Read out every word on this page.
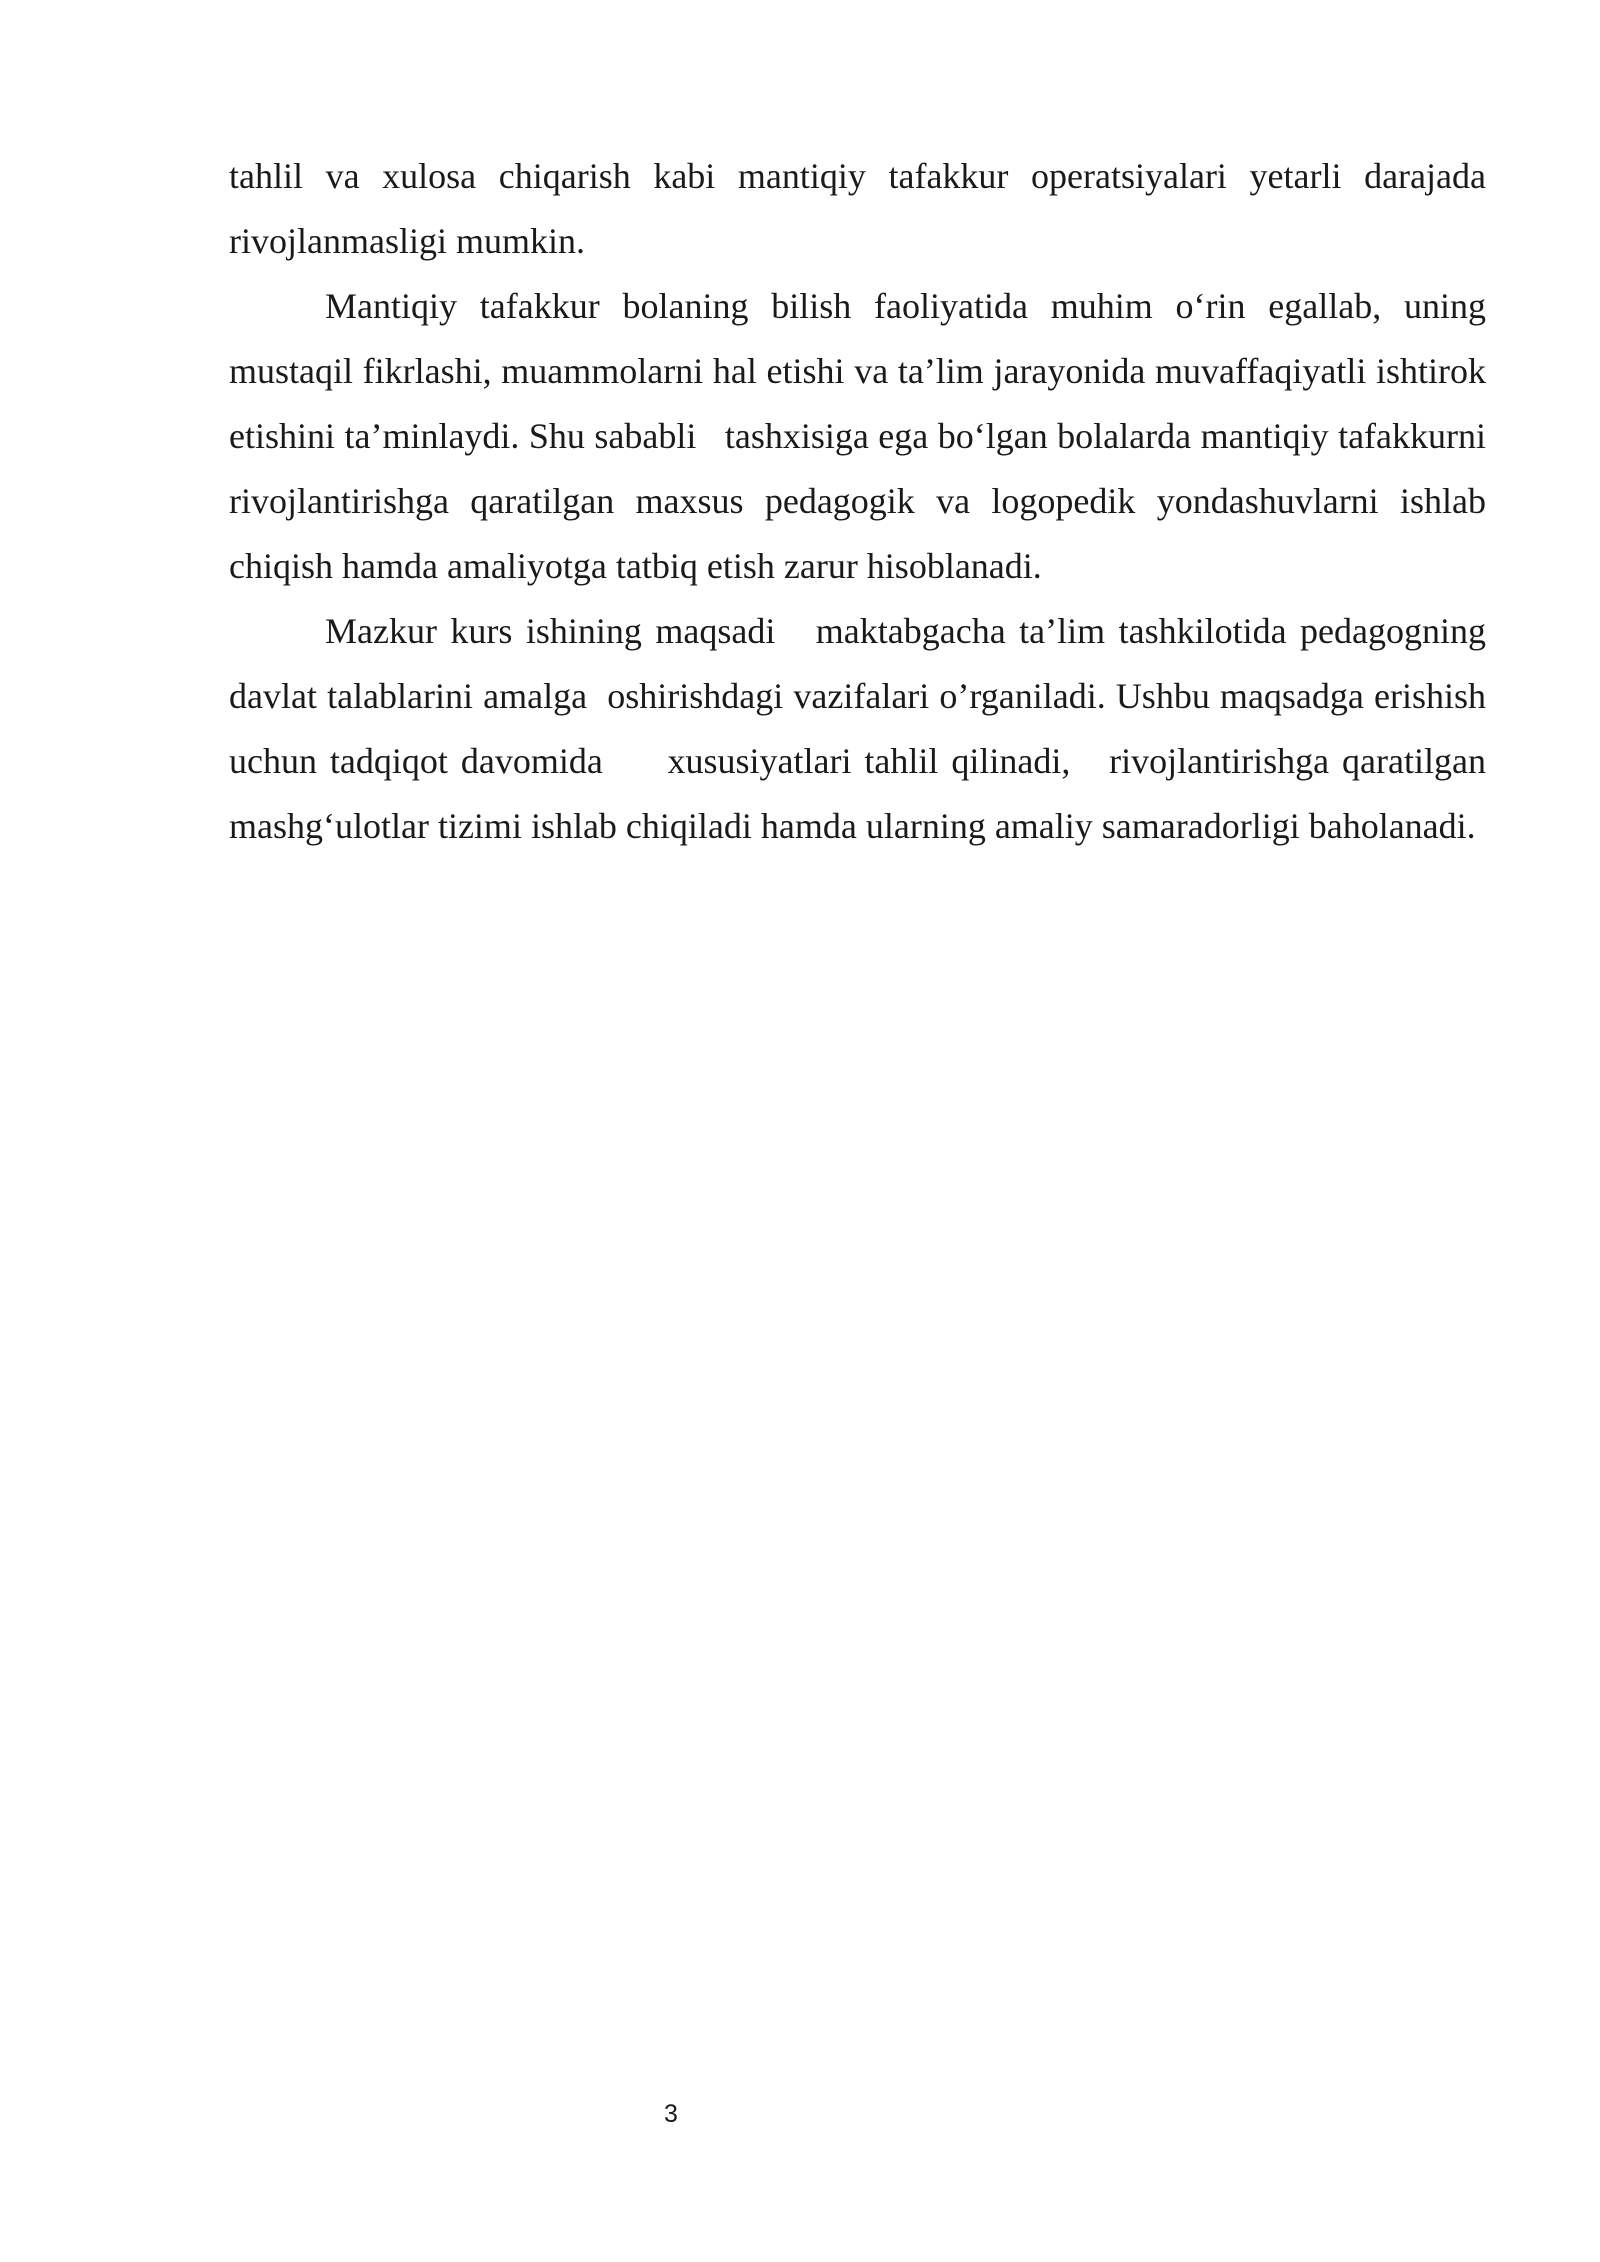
tahlil va xulosa chiqarish kabi mantiqiy tafakkur operatsiyalari yetarli darajada rivojlanmasligi mumkin.

Mantiqiy tafakkur bolaning bilish faoliyatida muhim o‘rin egallab, uning mustaqil fikrlashi, muammolarni hal etishi va ta’lim jarayonida muvaffaqiyatli ishtirok etishini ta’minlaydi. Shu sababli   tashxisiga ega bo‘lgan bolalarda mantiqiy tafakkurni rivojlantirishga qaratilgan maxsus pedagogik va logopedik yondashuvlarni ishlab chiqish hamda amaliyotga tatbiq etish zarur hisoblanadi.

Mazkur kurs ishining maqsadi   maktabgacha ta’lim tashkilotida pedagogning davlat talablarini amalga  oshirishdagi vazifalari o’rganiladi. Ushbu maqsadga erishish uchun tadqiqot davomida     xususiyatlari tahlil qilinadi,   rivojlantirishga qaratilgan mashg‘ulotlar tizimi ishlab chiqiladi hamda ularning amaliy samaradorligi baholanadi.

3
